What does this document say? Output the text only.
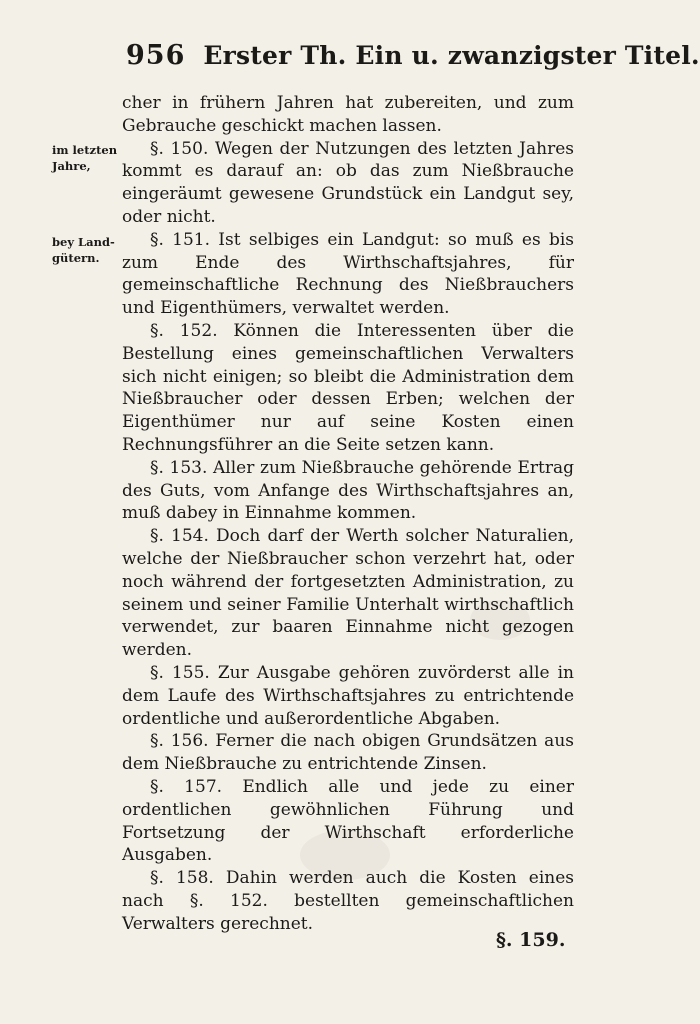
956 Erster Th. Ein u. zwanzigster Titel.
im letzten Jahre,
bey Land- gütern.

cher in frühern Jahren hat zubereiten, und zum Gebrauche geschickt machen lassen.

§. 150. Wegen der Nutzungen des letzten Jahres kommt es darauf an: ob das zum Nießbrauche eingeräumt gewesene Grundstück ein Landgut sey, oder nicht.

§. 151. Ist selbiges ein Landgut: so muß es bis zum Ende des Wirthschaftsjahres, für gemeinschaftliche Rechnung des Nießbrauchers und Eigenthümers, verwaltet werden.

§. 152. Können die Interessenten über die Bestellung eines gemeinschaftlichen Verwalters sich nicht einigen; so bleibt die Administration dem Nießbraucher oder dessen Erben; welchen der Eigenthümer nur auf seine Kosten einen Rechnungsführer an die Seite setzen kann.

§. 153. Aller zum Nießbrauche gehörende Ertrag des Guts, vom Anfange des Wirthschaftsjahres an, muß dabey in Einnahme kommen.

§. 154. Doch darf der Werth solcher Naturalien, welche der Nießbraucher schon verzehrt hat, oder noch während der fortgesetzten Administration, zu seinem und seiner Familie Unterhalt wirthschaftlich verwendet, zur baaren Einnahme nicht gezogen werden.

§. 155. Zur Ausgabe gehören zuvörderst alle in dem Laufe des Wirthschaftsjahres zu entrichtende ordentliche und außerordentliche Abgaben.

§. 156. Ferner die nach obigen Grundsätzen aus dem Nießbrauche zu entrichtende Zinsen.

§. 157. Endlich alle und jede zu einer ordentlichen gewöhnlichen Führung und Fortsetzung der Wirthschaft erforderliche Ausgaben.

§. 158. Dahin werden auch die Kosten eines nach §. 152. bestellten gemeinschaftlichen Verwalters gerechnet.

§. 159.
